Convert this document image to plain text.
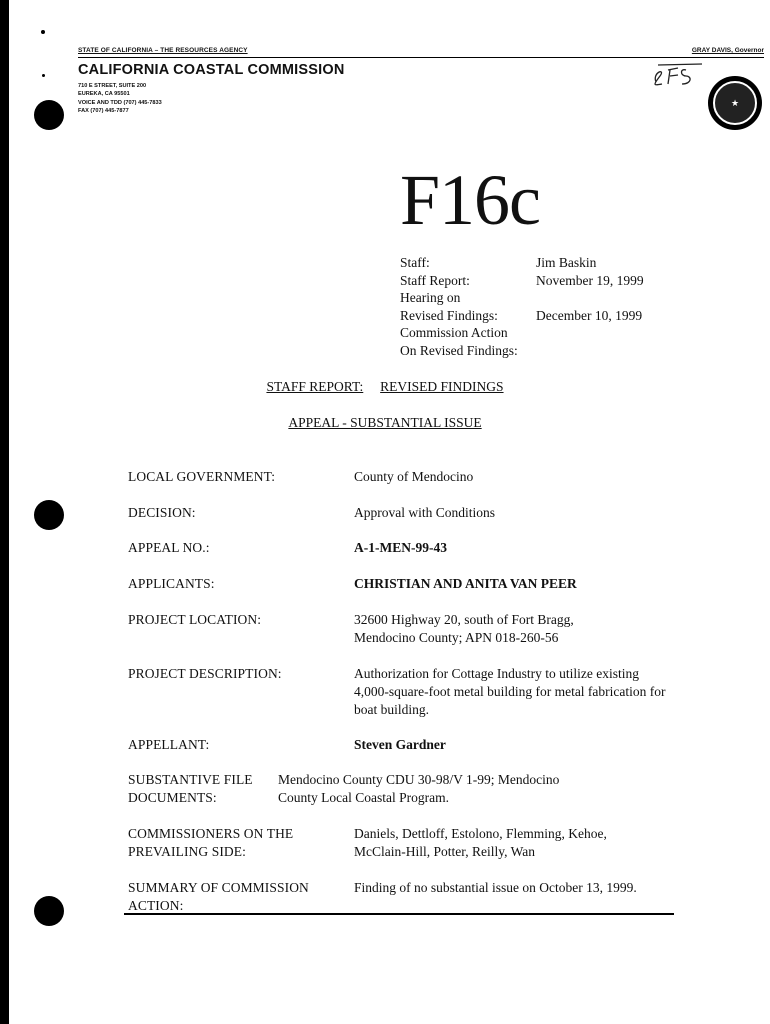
STATE OF CALIFORNIA – THE RESOURCES AGENCY	GRAY DAVIS, Governor
CALIFORNIA COASTAL COMMISSION
710 E STREET, SUITE 200
EUREKA, CA 95501
VOICE AND TDD (707) 445-7833
FAX (707) 445-7877
★
F16c
Staff:	Jim Baskin
Staff Report:	November 19, 1999
Hearing on
Revised Findings:	December 10, 1999
Commission Action
On Revised Findings:
STAFF REPORT: REVISED FINDINGS
APPEAL - SUBSTANTIAL ISSUE
LOCAL GOVERNMENT:	County of Mendocino
DECISION:	Approval with Conditions
APPEAL NO.:	A-1-MEN-99-43
APPLICANTS:	CHRISTIAN AND ANITA VAN PEER
PROJECT LOCATION:	32600 Highway 20, south of Fort Bragg, Mendocino County; APN 018-260-56
PROJECT DESCRIPTION:	Authorization for Cottage Industry to utilize existing 4,000-square-foot metal building for metal fabrication for boat building.
APPELLANT:	Steven Gardner
SUBSTANTIVE FILE DOCUMENTS:
Mendocino County CDU 30-98/V 1-99; Mendocino County Local Coastal Program.
COMMISSIONERS ON THE PREVAILING SIDE:
Daniels, Dettloff, Estolono, Flemming, Kehoe, McClain-Hill, Potter, Reilly, Wan
SUMMARY OF COMMISSION ACTION:
Finding of no substantial issue on October 13, 1999.
